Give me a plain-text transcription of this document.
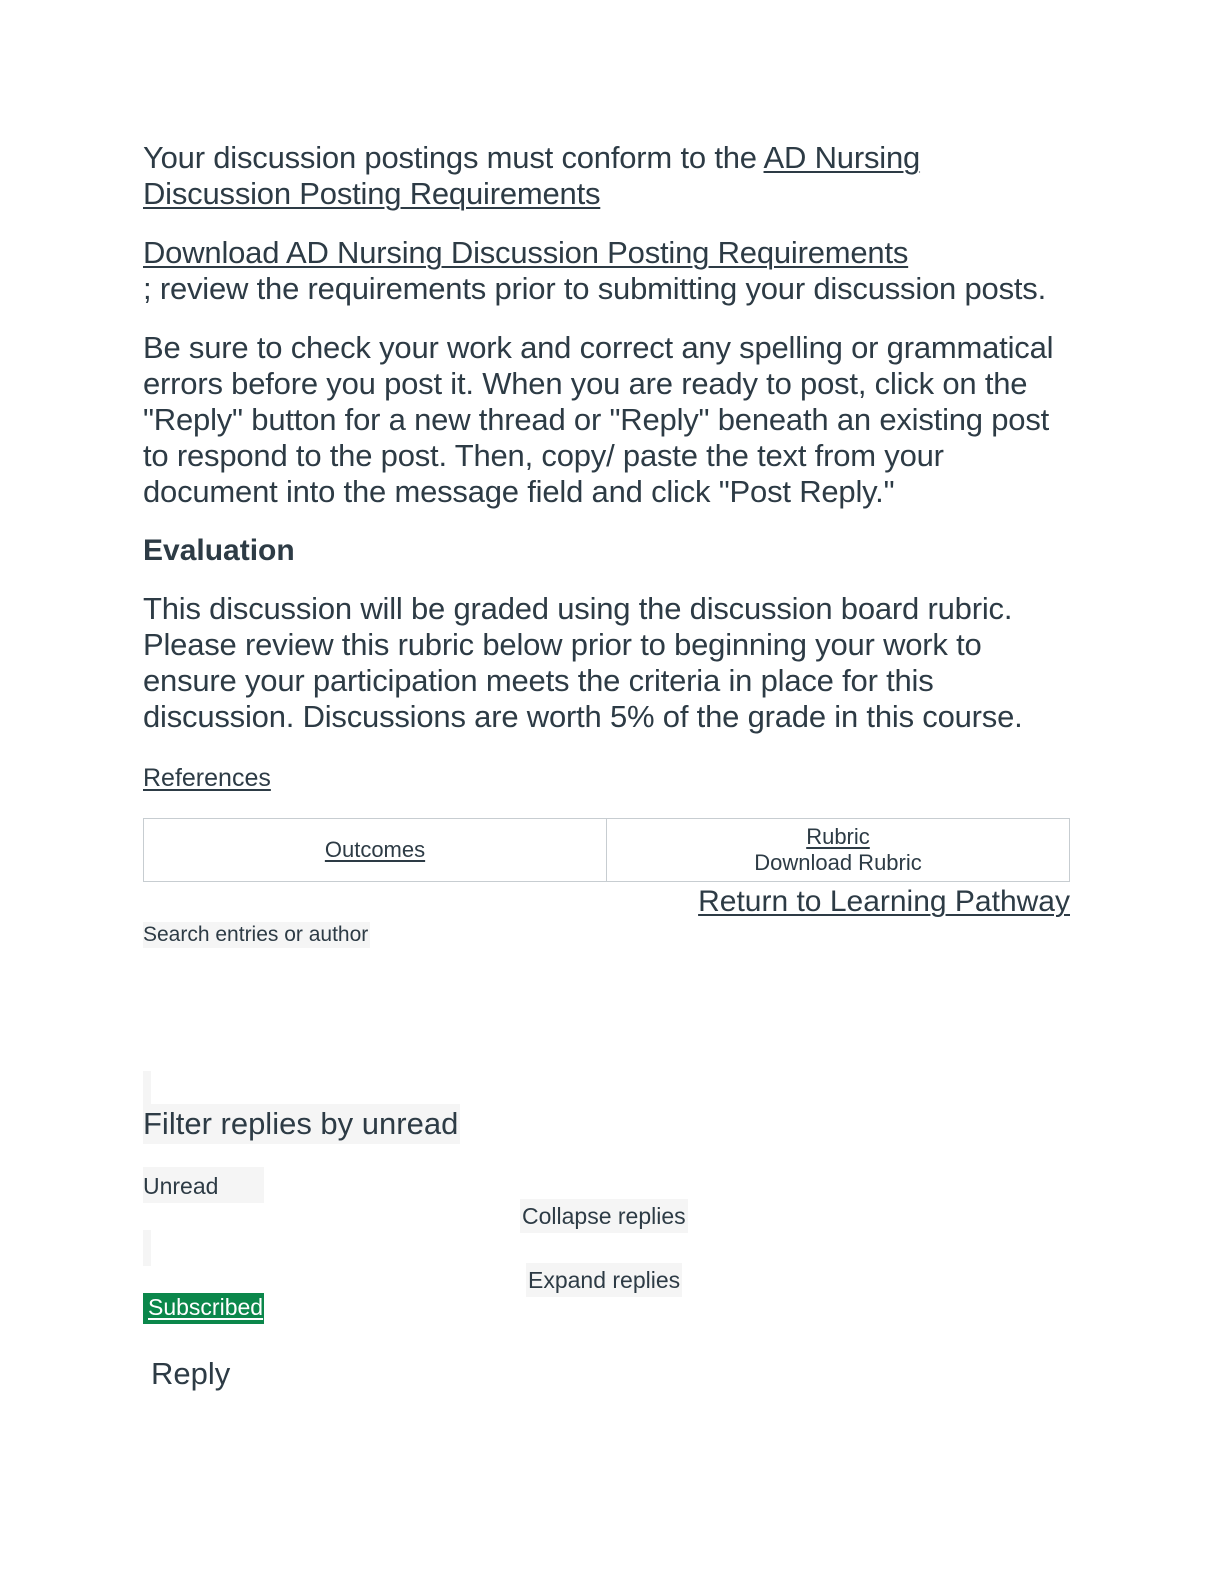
Your discussion postings must conform to the AD Nursing Discussion Posting Requirements

Download AD Nursing Discussion Posting Requirements
; review the requirements prior to submitting your discussion posts.

Be sure to check your work and correct any spelling or grammatical errors before you post it. When you are ready to post, click on the "Reply" button for a new thread or "Reply" beneath an existing post to respond to the post. Then, copy/ paste the text from your document into the message field and click "Post Reply."

Evaluation

This discussion will be graded using the discussion board rubric. Please review this rubric below prior to beginning your work to ensure your participation meets the criteria in place for this discussion. Discussions are worth 5% of the grade in this course.

References
Outcomes	Rubric
Download Rubric
Return to Learning Pathway
Search entries or author
Filter replies by unread
Unread
Collapse replies
Expand replies
Subscribed
Reply
